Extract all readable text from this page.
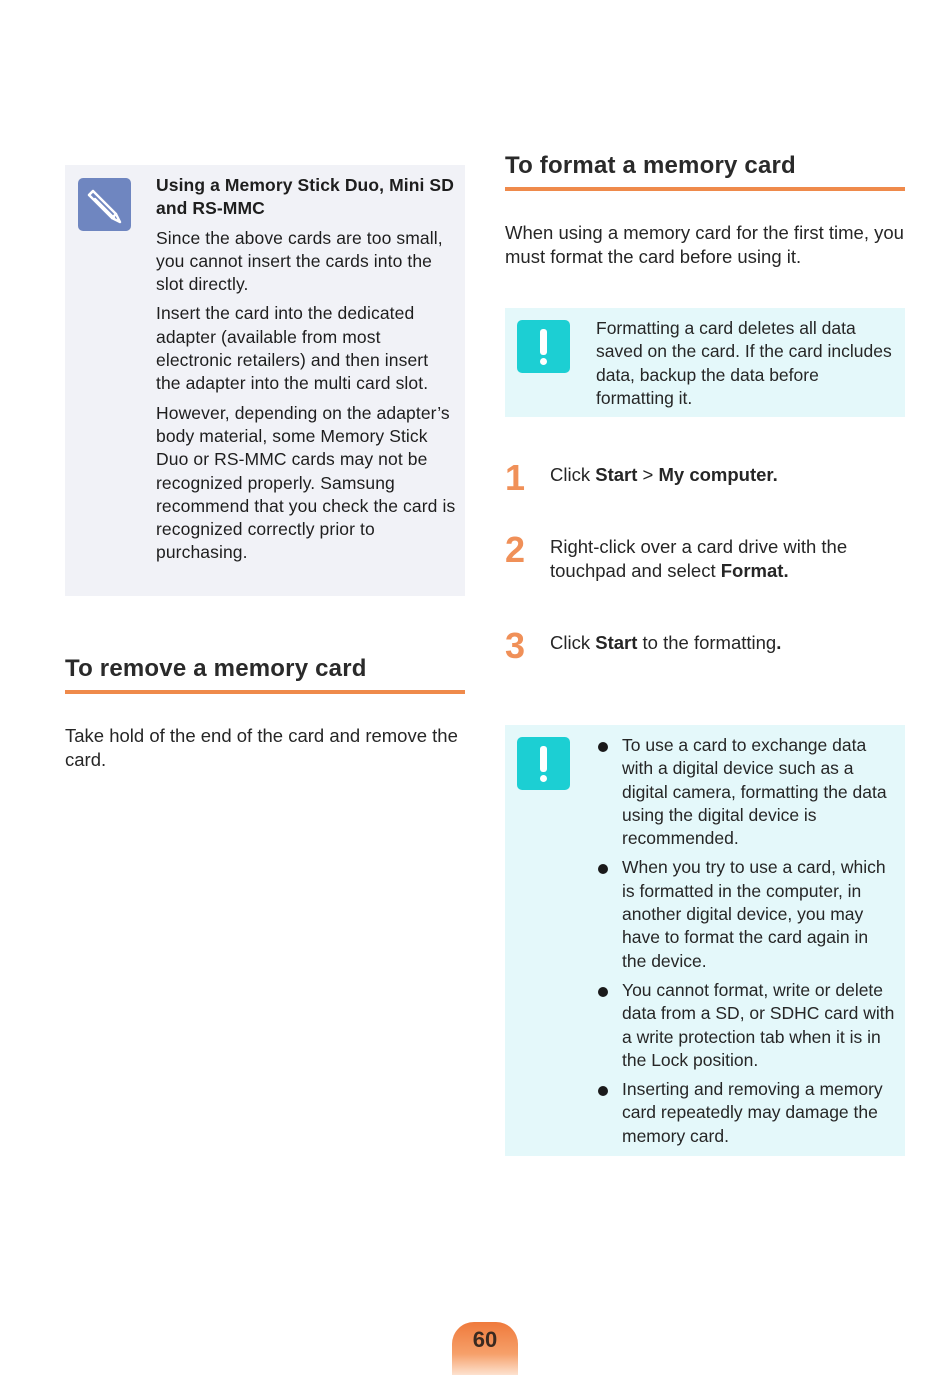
Using a Memory Stick Duo, Mini SD and RS-MMC

Since the above cards are too small, you cannot insert the cards into the slot directly.

Insert the card into the dedicated adapter (available from most electronic retailers) and then insert the adapter into the multi card slot.

However, depending on the adapter’s body material, some Memory Stick Duo or RS-MMC cards may not be recognized properly. Samsung recommend that you check the card is recognized correctly prior to purchasing.

To remove a memory card
Take hold of the end of the card and remove the card.
To format a memory card
When using a memory card for the first time, you must format the card before using it.
Formatting a card deletes all data saved on the card. If the card includes data, backup the data before formatting it.
1 Click Start > My computer.
2 Right-click over a card drive with the touchpad and select Format.
3 Click Start to the formatting.
To use a card to exchange data with a digital device such as a digital camera, formatting the data using the digital device is recommended.
When you try to use a card, which is formatted in the computer, in another digital device, you may have to format the card again in the device.
You cannot format, write or delete data from a SD, or SDHC card with a write protection tab when it is in the Lock position.
Inserting and removing a memory card repeatedly may damage the memory card.
60
